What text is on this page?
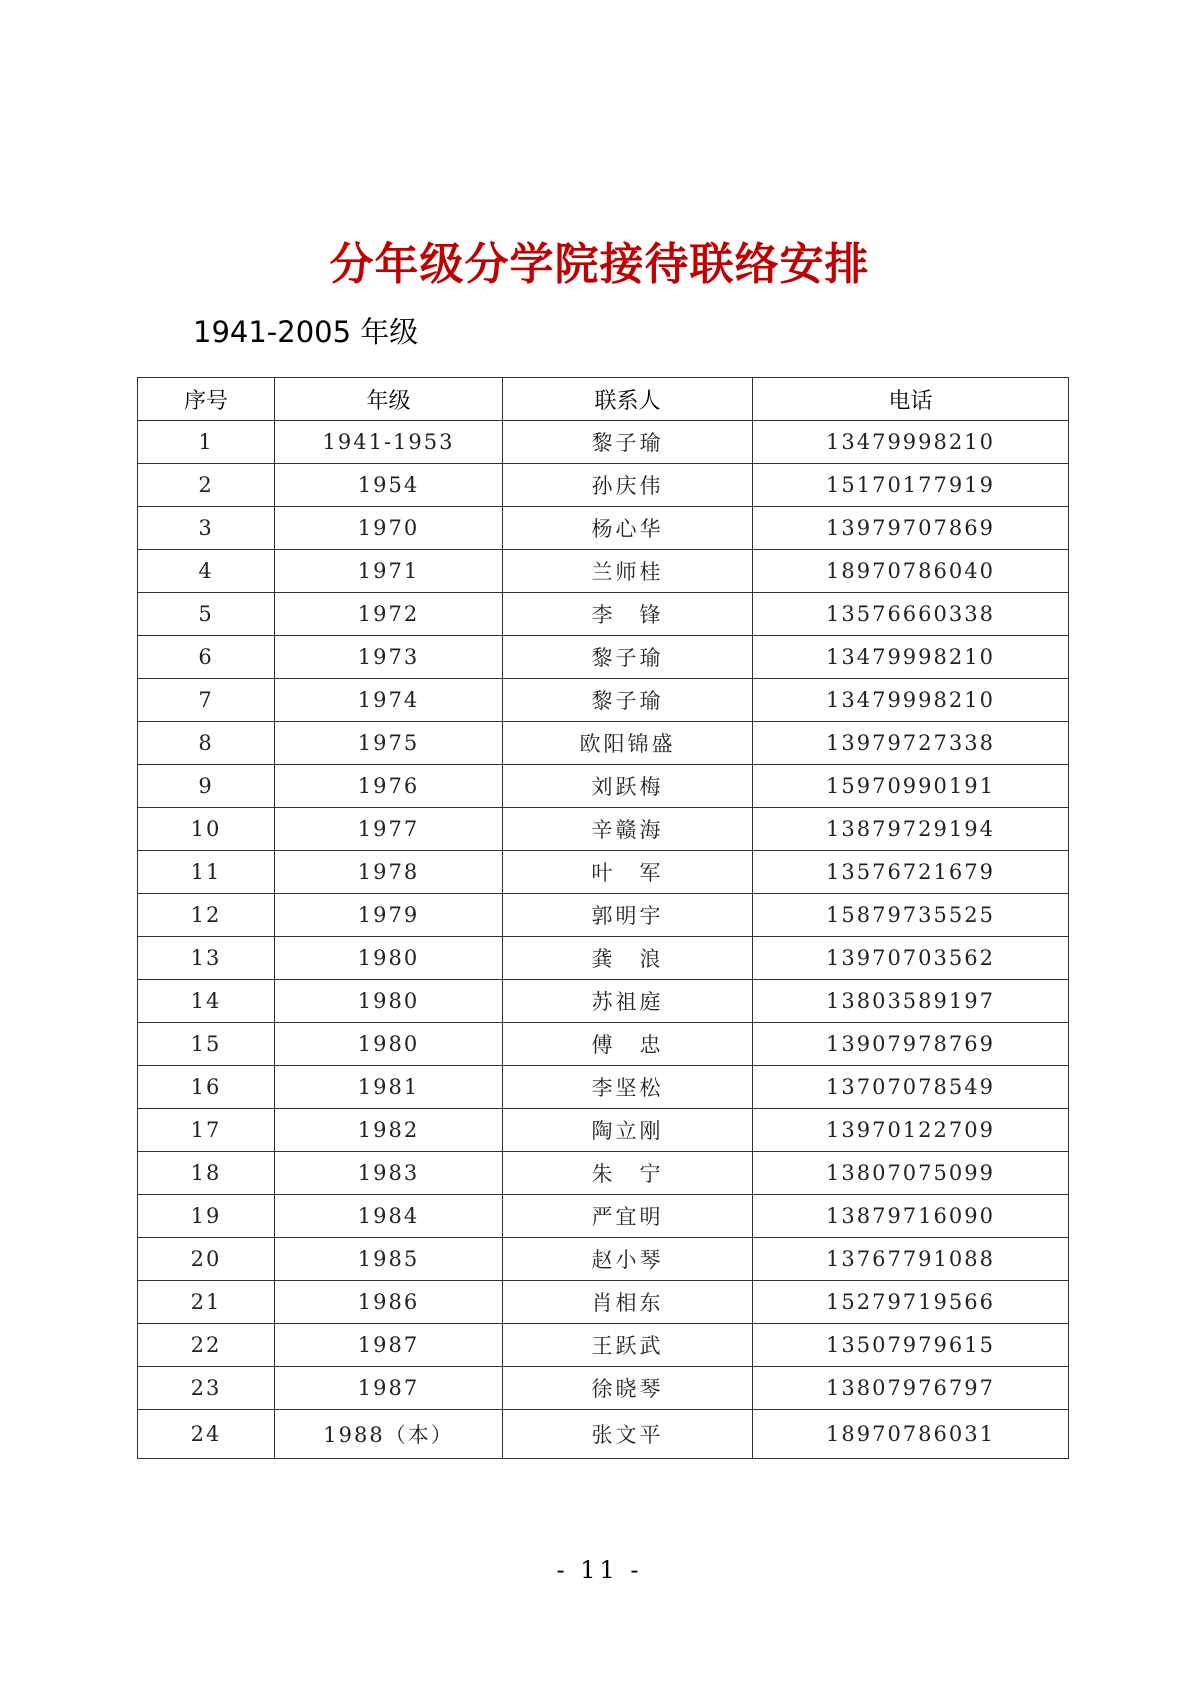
分年级分学院接待联络安排
1941-2005 年级
序号	年级	联系人	电话
1	1941-1953	黎子瑜	13479998210
2	1954	孙庆伟	15170177919
3	1970	杨心华	13979707869
4	1971	兰师桂	18970786040
5	1972	李　锋	13576660338
6	1973	黎子瑜	13479998210
7	1974	黎子瑜	13479998210
8	1975	欧阳锦盛	13979727338
9	1976	刘跃梅	15970990191
10	1977	辛赣海	13879729194
11	1978	叶　军	13576721679
12	1979	郭明宇	15879735525
13	1980	龚　浪	13970703562
14	1980	苏祖庭	13803589197
15	1980	傅　忠	13907978769
16	1981	李坚松	13707078549
17	1982	陶立刚	13970122709
18	1983	朱　宁	13807075099
19	1984	严宜明	13879716090
20	1985	赵小琴	13767791088
21	1986	肖相东	15279719566
22	1987	王跃武	13507979615
23	1987	徐晓琴	13807976797
24	1988（本）	张文平	18970786031
- 11 -
